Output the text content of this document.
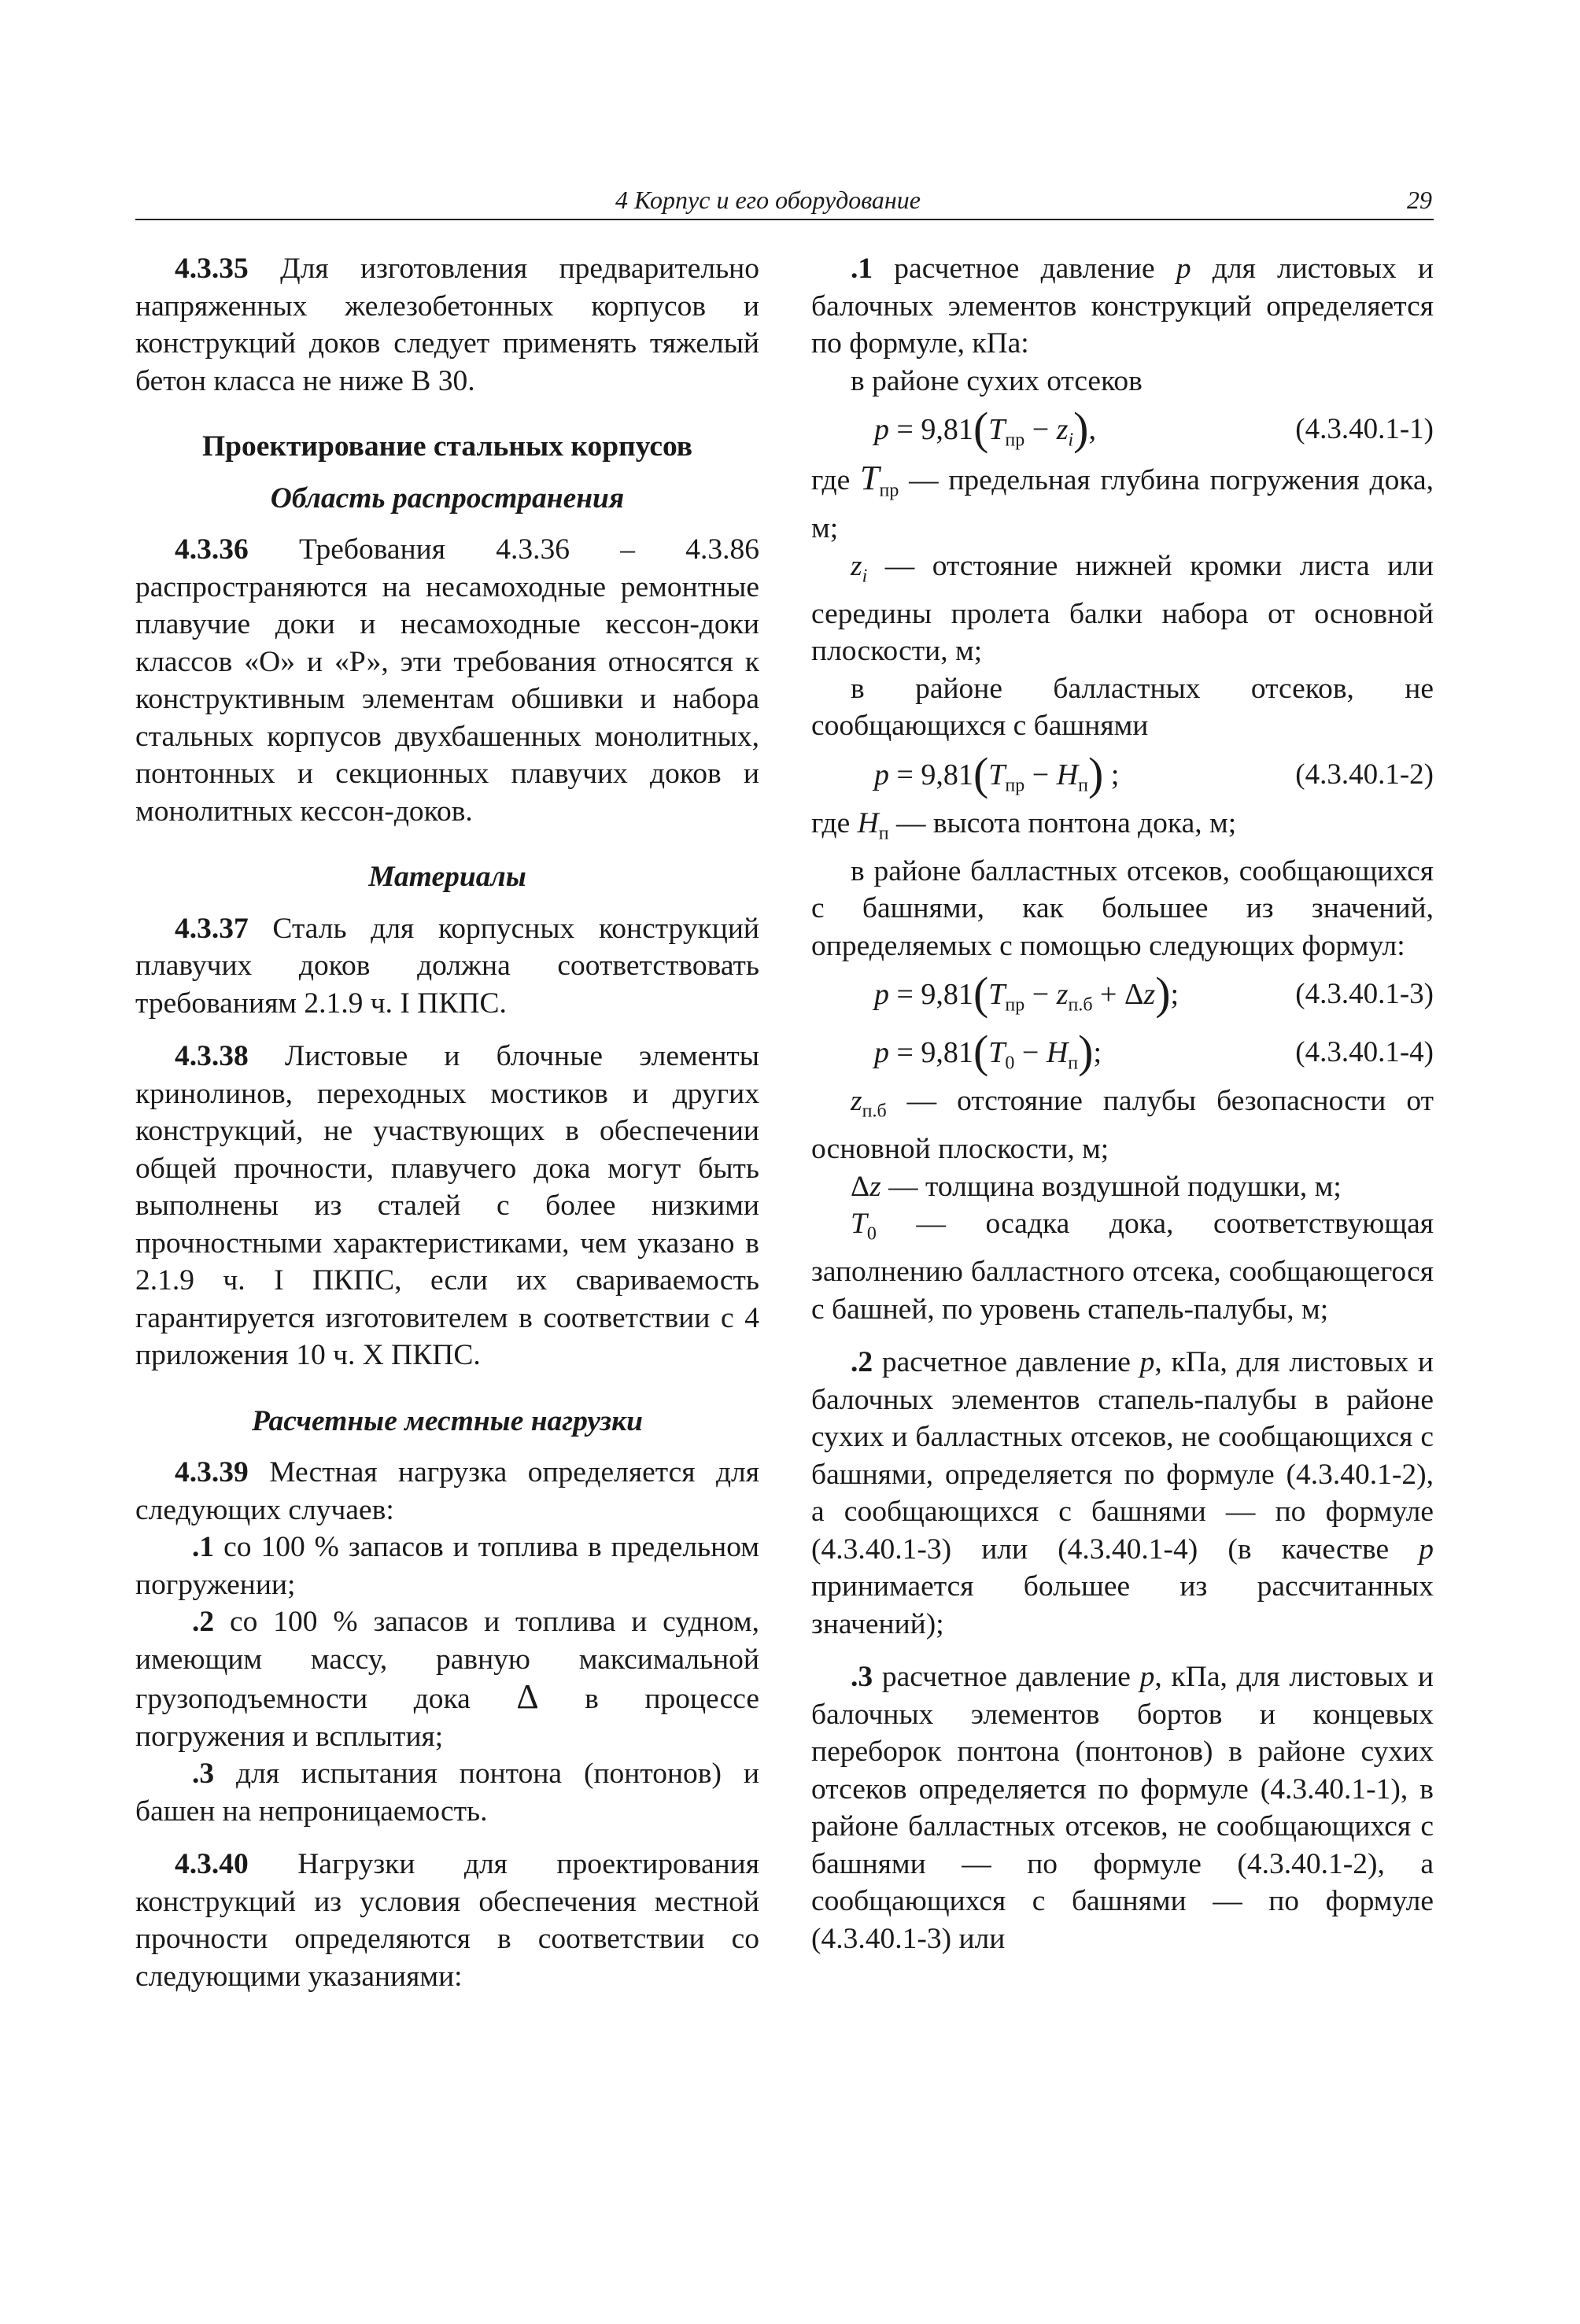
4 Корпус и его оборудование	29

4.3.35 Для изготовления предварительно напряженных железобетонных корпусов и конструкций доков следует применять тяжелый бетон класса не ниже В 30.

Проектирование стальных корпусов

Область распространения

4.3.36 Требования 4.3.36 – 4.3.86 распространяются на несамоходные ремонтные плавучие доки и несамоходные кессон-доки классов «О» и «Р», эти требования относятся к конструктивным элементам обшивки и набора стальных корпусов двухбашенных монолитных, понтонных и секционных плавучих доков и монолитных кессон-доков.

Материалы

4.3.37 Сталь для корпусных конструкций плавучих доков должна соответствовать требованиям 2.1.9 ч. I ПКПС.

4.3.38 Листовые и блочные элементы кринолинов, переходных мостиков и других конструкций, не участвующих в обеспечении общей прочности, плавучего дока могут быть выполнены из сталей с более низкими прочностными характеристиками, чем указано в 2.1.9 ч. I ПКПС, если их свариваемость гарантируется изготовителем в соответствии с 4 приложения 10 ч. X ПКПС.

Расчетные местные нагрузки

4.3.39 Местная нагрузка определяется для следующих случаев:

.1 со 100 % запасов и топлива в предельном погружении;

.2 со 100 % запасов и топлива и судном, имеющим массу, равную максимальной грузоподъемности дока Δ в процессе погружения и всплытия;

.3 для испытания понтона (понтонов) и башен на непроницаемость.

4.3.40 Нагрузки для проектирования конструкций из условия обеспечения местной прочности определяются в соответствии со следующими указаниями:

.1 расчетное давление p для листовых и балочных элементов конструкций определяется по формуле, кПа:

в районе сухих отсеков

$p = 9,81(T_{пр} - z_i)$,	(4.3.40.1-1)

где $T_{пр}$ — предельная глубина погружения дока, м;

$z_i$ — отстояние нижней кромки листа или середины пролета балки набора от основной плоскости, м;

в районе балластных отсеков, не сообщающихся с башнями

$p = 9,81(T_{пр} - H_п)$ ;	(4.3.40.1-2)

где $H_п$ — высота понтона дока, м;

в районе балластных отсеков, сообщающихся с башнями, как большее из значений, определяемых с помощью следующих формул:

$p = 9,81(T_{пр} - z_{п.б} + \Delta z)$;	(4.3.40.1-3)
$p = 9,81(T_0 - H_п)$;	(4.3.40.1-4)

$z_{п.б}$ — отстояние палубы безопасности от основной плоскости, м;

Δz — толщина воздушной подушки, м;

$T_0$ — осадка дока, соответствующая заполнению балластного отсека, сообщающегося с башней, по уровень стапель-палубы, м;

.2 расчетное давление p, кПа, для листовых и балочных элементов стапель-палубы в районе сухих и балластных отсеков, не сообщающихся с башнями, определяется по формуле (4.3.40.1-2), а сообщающихся с башнями — по формуле (4.3.40.1-3) или (4.3.40.1-4) (в качестве p принимается большее из рассчитанных значений);

.3 расчетное давление p, кПа, для листовых и балочных элементов бортов и концевых переборок понтона (понтонов) в районе сухих отсеков определяется по формуле (4.3.40.1-1), в районе балластных отсеков, не сообщающихся с башнями — по формуле (4.3.40.1-2), а сообщающихся с башнями — по формуле (4.3.40.1-3) или
